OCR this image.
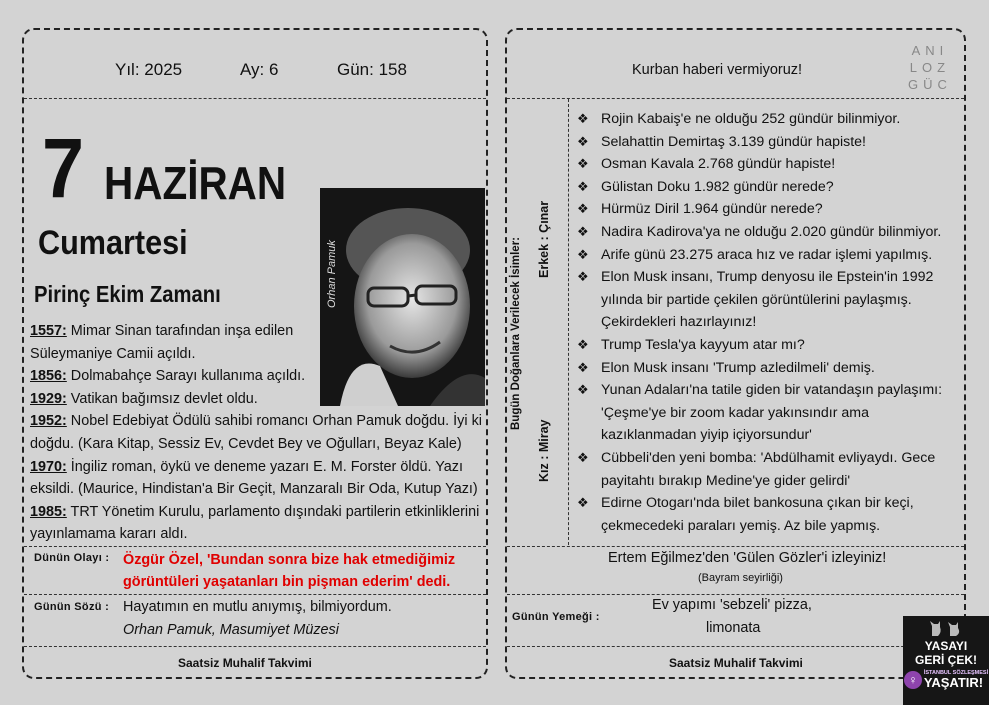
Yıl: 2025	Ay: 6	Gün: 158
7 HAZİRAN
Cumartesi
Pirinç Ekim Zamanı	Orhan Pamuk

1557: Mimar Sinan tarafından inşa edilen
Süleymaniye Camii açıldı.

1856: Dolmabahçe Sarayı kullanıma açıldı.

1929: Vatikan bağımsız devlet oldu.

1952: Nobel Edebiyat Ödülü sahibi romancı Orhan Pamuk doğdu. İyi ki
doğdu. (Kara Kitap, Sessiz Ev, Cevdet Bey ve Oğulları, Beyaz Kale)

1970: İngiliz roman, öykü ve deneme yazarı E. M. Forster öldü. Yazı
eksildi. (Maurice, Hindistan'a Bir Geçit, Manzaralı Bir Oda, Kutup Yazı)

1985: TRT Yönetim Kurulu, parlamento dışındaki partilerin etkinliklerini
yayınlamama kararı aldı.

Dünün Olayı : Özgür Özel, 'Bundan sonra bize hak etmediğimiz
görüntüleri yaşatanları bin pişman ederim' dedi.
Günün Sözü : Hayatımın en mutlu anıymış, bilmiyordum.
Orhan Pamuk, Masumiyet Müzesi
Saatsiz Muhalif Takvimi
Kurban haberi vermiyoruz!
ANI
LOZ
GÜC
Bugün Doğanlara Verilecek İsimler: Erkek : Çınar
Kız : Miray

❖ Rojin Kabaiş'e ne olduğu 252 gündür bilinmiyor.

❖ Selahattin Demirtaş 3.139 gündür hapiste!

❖ Osman Kavala 2.768 gündür hapiste!

❖ Gülistan Doku 1.982 gündür nerede?

❖ Hürmüz Diril 1.964 gündür nerede?

❖ Nadira Kadirova'ya ne olduğu 2.020 gündür bilinmiyor.

❖ Arife günü 23.275 araca hız ve radar işlemi yapılmış.

❖ Elon Musk insanı, Trump denyosu ile Epstein'in 1992
yılında bir partide çekilen görüntülerini paylaşmış.
Çekirdekleri hazırlayınız!

❖ Trump Tesla'ya kayyum atar mı?

❖ Elon Musk insanı 'Trump azledilmeli' demiş.

❖ Yunan Adaları'na tatile giden bir vatandaşın paylaşımı:
'Çeşme'ye bir zoom kadar yakınsındır ama
kazıklanmadan yiyip içiyorsundur'

❖ Cübbeli'den yeni bomba: 'Abdülhamit evliyaydı. Gece
payitahtı bırakıp Medine'ye gider gelirdi'

❖ Edirne Otogarı'nda bilet bankosuna çıkan bir keçi,
çekmecedeki paraları yemiş. Az bile yapmış.

Ertem Eğilmez'den 'Gülen Gözler'i izleyiniz!
(Bayram seyirliği)
Günün Yemeği :
Ev yapımı 'sebzeli' pizza,
limonata
Saatsiz Muhalif Takvimi
YASAYI
GERİ ÇEK!
♀	İSTANBUL SÖZLEŞMESİ
YAŞATIR!
